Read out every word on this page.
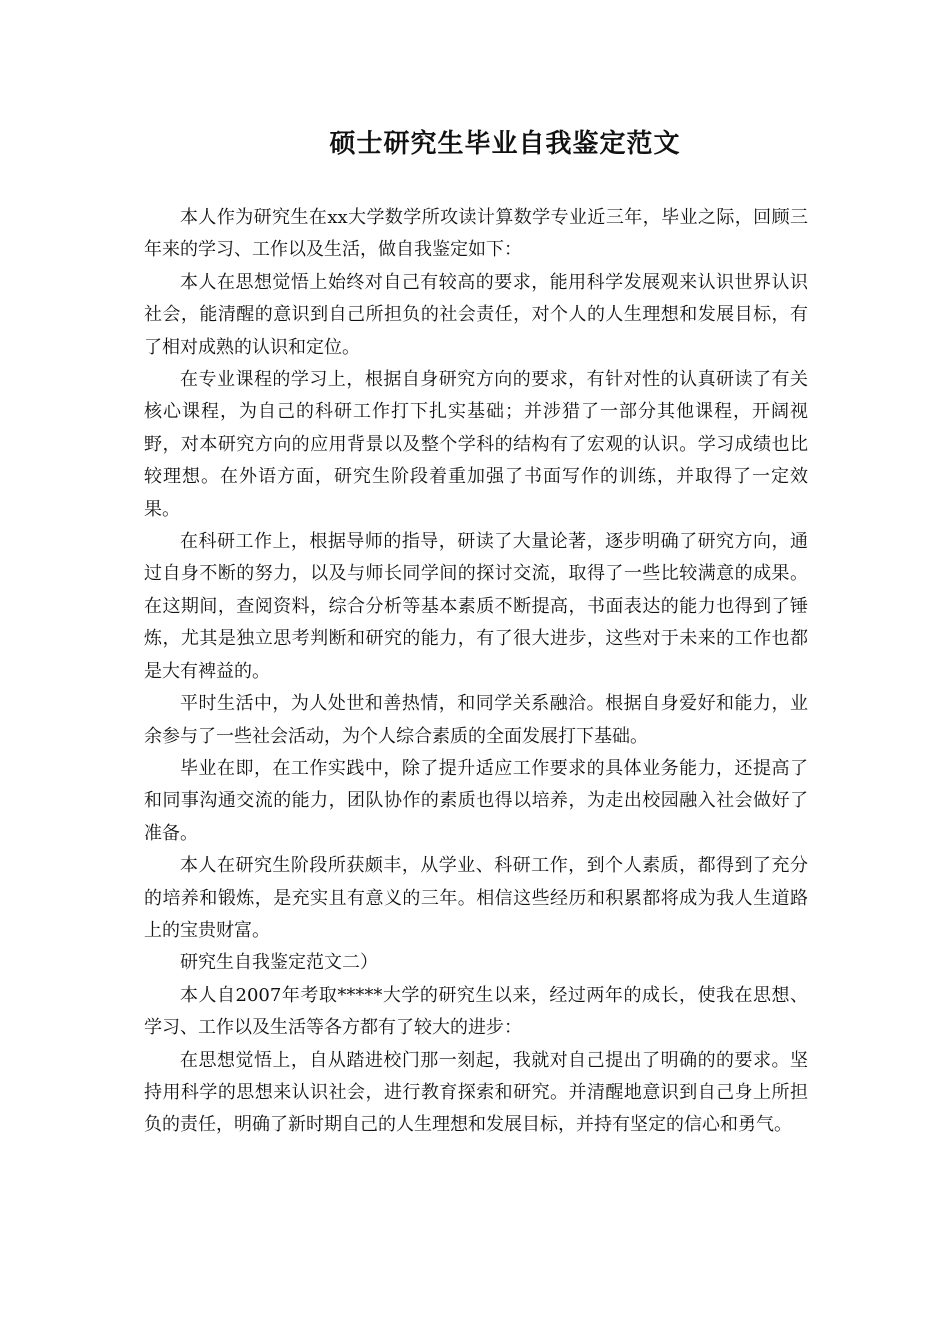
硕士研究生毕业自我鉴定范文

本人作为研究生在xx大学数学所攻读计算数学专业近三年，毕业之际，回顾三年来的学习、工作以及生活，做自我鉴定如下：

本人在思想觉悟上始终对自己有较高的要求，能用科学发展观来认识世界认识社会，能清醒的意识到自己所担负的社会责任，对个人的人生理想和发展目标，有了相对成熟的认识和定位。

在专业课程的学习上，根据自身研究方向的要求，有针对性的认真研读了有关核心课程，为自己的科研工作打下扎实基础；并涉猎了一部分其他课程，开阔视野，对本研究方向的应用背景以及整个学科的结构有了宏观的认识。学习成绩也比较理想。在外语方面，研究生阶段着重加强了书面写作的训练，并取得了一定效果。

在科研工作上，根据导师的指导，研读了大量论著，逐步明确了研究方向，通过自身不断的努力，以及与师长同学间的探讨交流，取得了一些比较满意的成果。在这期间，查阅资料，综合分析等基本素质不断提高，书面表达的能力也得到了锤炼，尤其是独立思考判断和研究的能力，有了很大进步，这些对于未来的工作也都是大有裨益的。

平时生活中，为人处世和善热情，和同学关系融洽。根据自身爱好和能力，业余参与了一些社会活动，为个人综合素质的全面发展打下基础。

毕业在即，在工作实践中，除了提升适应工作要求的具体业务能力，还提高了和同事沟通交流的能力，团队协作的素质也得以培养，为走出校园融入社会做好了准备。

本人在研究生阶段所获颇丰，从学业、科研工作，到个人素质，都得到了充分的培养和锻炼，是充实且有意义的三年。相信这些经历和积累都将成为我人生道路上的宝贵财富。

研究生自我鉴定范文二）

本人自2007年考取*****大学的研究生以来，经过两年的成长，使我在思想、学习、工作以及生活等各方都有了较大的进步：

在思想觉悟上，自从踏进校门那一刻起，我就对自己提出了明确的的要求。坚持用科学的思想来认识社会，进行教育探索和研究。并清醒地意识到自己身上所担负的责任，明确了新时期自己的人生理想和发展目标，并持有坚定的信心和勇气。
